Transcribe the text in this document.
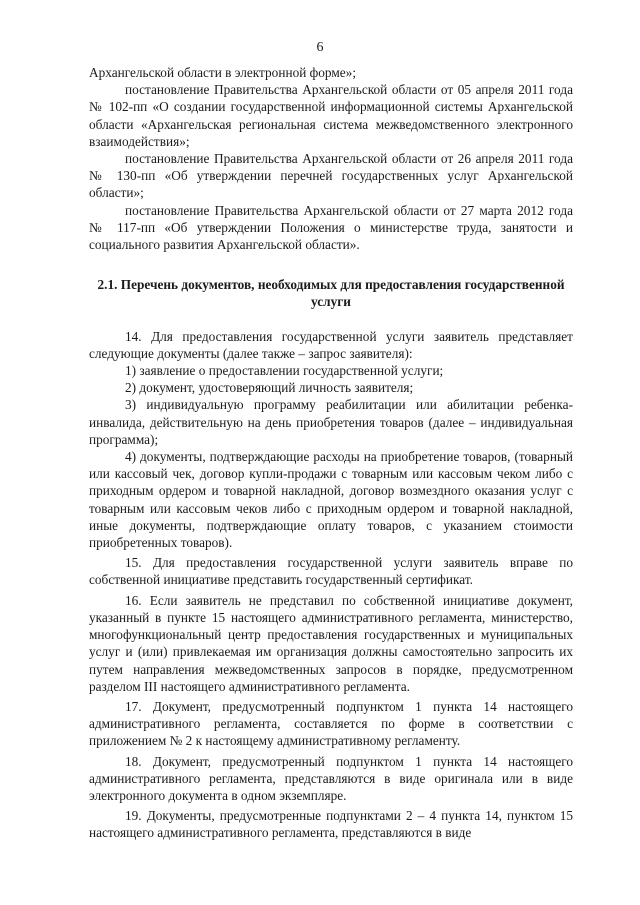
6

Архангельской области в электронной форме»;

постановление Правительства Архангельской области от 05 апреля 2011 года № 102-пп «О создании государственной информационной системы Архангельской области «Архангельская региональная система межведомственного электронного взаимодействия»;

постановление Правительства Архангельской области от 26 апреля 2011 года № 130-пп «Об утверждении перечней государственных услуг Архангельской области»;

постановление Правительства Архангельской области от 27 марта 2012 года № 117-пп «Об утверждении Положения о министерстве труда, занятости и социального развития Архангельской области».

2.1. Перечень документов, необходимых для предоставления государственной услуги

14. Для предоставления государственной услуги заявитель представляет следующие документы (далее также – запрос заявителя):

1) заявление о предоставлении государственной услуги;

2) документ, удостоверяющий личность заявителя;

3) индивидуальную программу реабилитации или абилитации ребенка-инвалида, действительную на день приобретения товаров (далее – индивидуальная программа);

4) документы, подтверждающие расходы на приобретение товаров, (товарный или кассовый чек, договор купли-продажи с товарным или кассовым чеком либо с приходным ордером и товарной накладной, договор возмездного оказания услуг с товарным или кассовым чеков либо с приходным ордером и товарной накладной, иные документы, подтверждающие оплату товаров, с указанием стоимости приобретенных товаров).

15. Для предоставления государственной услуги заявитель вправе по собственной инициативе представить государственный сертификат.

16. Если заявитель не представил по собственной инициативе документ, указанный в пункте 15 настоящего административного регламента, министерство, многофункциональный центр предоставления государственных и муниципальных услуг и (или) привлекаемая им организация должны самостоятельно запросить их путем направления межведомственных запросов в порядке, предусмотренном разделом III настоящего административного регламента.

17. Документ, предусмотренный подпунктом 1 пункта 14 настоящего административного регламента, составляется по форме в соответствии с приложением № 2 к настоящему административному регламенту.

18. Документ, предусмотренный подпунктом 1 пункта 14 настоящего административного регламента, представляются в виде оригинала или в виде электронного документа в одном экземпляре.

19. Документы, предусмотренные подпунктами 2 – 4 пункта 14, пунктом 15 настоящего административного регламента, представляются в виде
